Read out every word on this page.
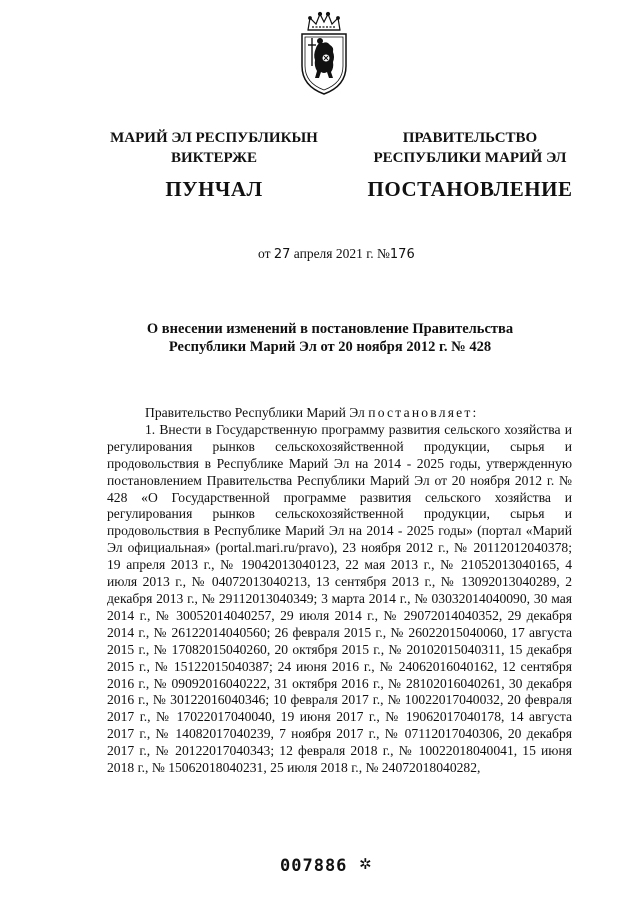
МАРИЙ ЭЛ РЕСПУБЛИКЫН
ВИКТЕРЖЕ
ПУНЧАЛ
ПРАВИТЕЛЬСТВО
РЕСПУБЛИКИ МАРИЙ ЭЛ
ПОСТАНОВЛЕНИЕ
от 27 апреля 2021 г. №176
О внесении изменений в постановление Правительства
Республики Марий Эл от 20 ноября 2012 г. № 428

Правительство Республики Марий Эл постановляет:

1. Внести в Государственную программу развития сельского хозяйства и регулирования рынков сельскохозяйственной продукции, сырья и продовольствия в Республике Марий Эл на 2014 - 2025 годы, утвержденную постановлением Правительства Республики Марий Эл от 20 ноября 2012 г. № 428 «О Государственной программе развития сельского хозяйства и регулирования рынков сельскохозяйственной продукции, сырья и продовольствия в Республике Марий Эл на 2014 - 2025 годы» (портал «Марий Эл официальная» (portal.mari.ru/pravo), 23 ноября 2012 г., № 20112012040378; 19 апреля 2013 г., № 19042013040123, 22 мая 2013 г., № 21052013040165, 4 июля 2013 г., № 04072013040213, 13 сентября 2013 г., № 13092013040289, 2 декабря 2013 г., № 29112013040349; 3 марта 2014 г., № 03032014040090, 30 мая 2014 г., № 30052014040257, 29 июля 2014 г., № 29072014040352, 29 декабря 2014 г., № 26122014040560; 26 февраля 2015 г., № 26022015040060, 17 августа 2015 г., № 17082015040260, 20 октября 2015 г., № 20102015040311, 15 декабря 2015 г., № 15122015040387; 24 июня 2016 г., № 24062016040162, 12 сентября 2016 г., № 09092016040222, 31 октября 2016 г., № 28102016040261, 30 декабря 2016 г., № 30122016040346; 10 февраля 2017 г., № 10022017040032, 20 февраля 2017 г., № 17022017040040, 19 июня 2017 г., № 19062017040178, 14 августа 2017 г., № 14082017040239, 7 ноября 2017 г., № 07112017040306, 20 декабря 2017 г., № 20122017040343; 12 февраля 2018 г., № 10022018040041, 15 июня 2018 г., № 15062018040231, 25 июля 2018 г., № 24072018040282,

007886 ✲
